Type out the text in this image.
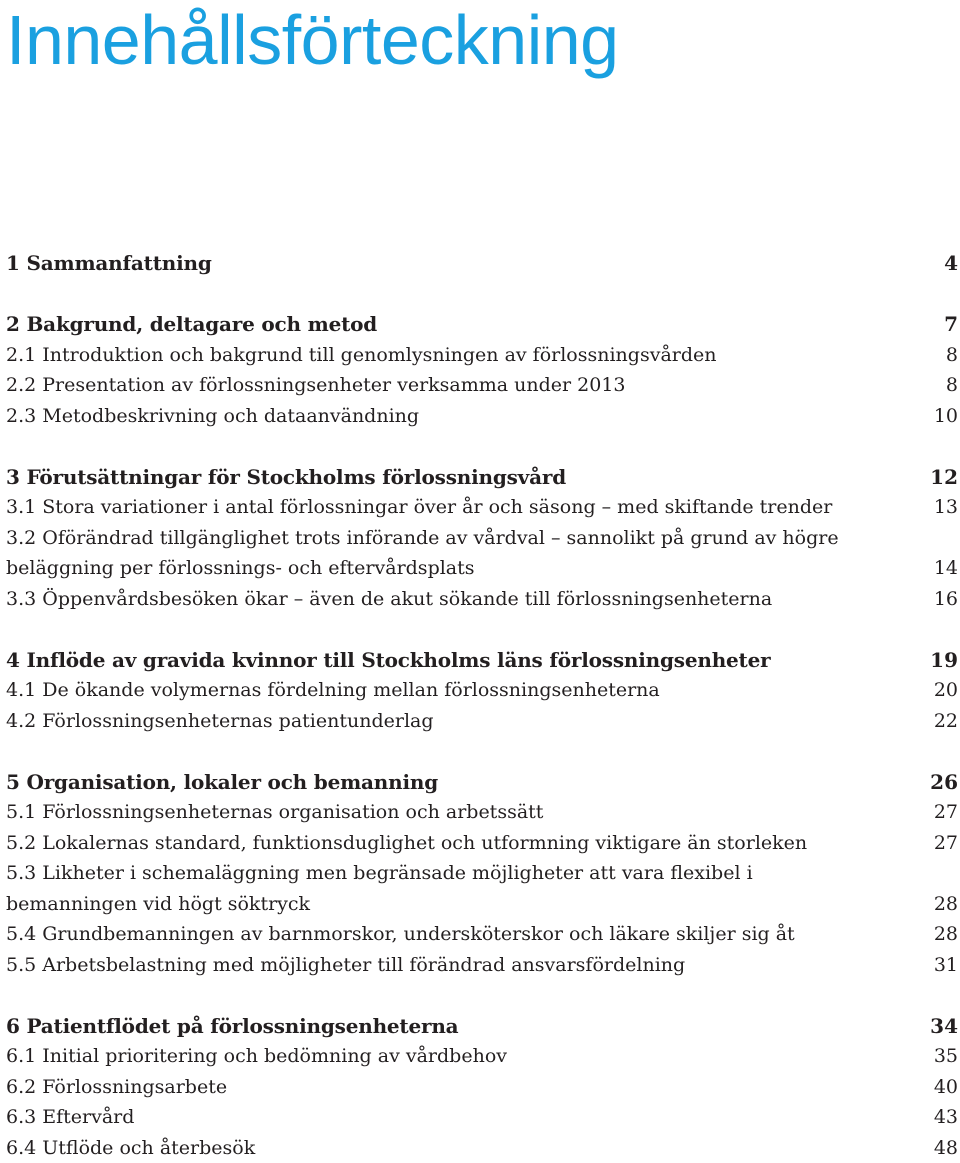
Innehållsförteckning
1 Sammanfattning	4
2 Bakgrund, deltagare och metod	7
2.1 Introduktion och bakgrund till genomlysningen av förlossningsvården	8
2.2 Presentation av förlossningsenheter verksamma under 2013	8
2.3 Metodbeskrivning och dataanvändning	10
3 Förutsättningar för Stockholms förlossningsvård	12
3.1 Stora variationer i antal förlossningar över år och säsong – med skiftande trender	13
3.2 Oförändrad tillgänglighet trots införande av vårdval – sannolikt på grund av högre beläggning per förlossnings- och eftervårdsplats	14
3.3 Öppenvårdsbesöken ökar – även de akut sökande till förlossningsenheterna	16
4 Inflöde av gravida kvinnor till Stockholms läns förlossningsenheter	19
4.1 De ökande volymernas fördelning mellan förlossningsenheterna	20
4.2 Förlossningsenheternas patientunderlag	22
5 Organisation, lokaler och bemanning	26
5.1 Förlossningsenheternas organisation och arbetssätt	27
5.2 Lokalernas standard, funktionsduglighet och utformning viktigare än storleken	27
5.3 Likheter i schemaläggning men begränsade möjligheter att vara flexibel i bemanningen vid högt söktryck	28
5.4 Grundbemanningen av barnmorskor, undersköterskor och läkare skiljer sig åt	28
5.5 Arbetsbelastning med möjligheter till förändrad ansvarsfördelning	31
6 Patientflödet på förlossningsenheterna	34
6.1 Initial prioritering och bedömning av vårdbehov	35
6.2 Förlossningsarbete	40
6.3 Eftervård	43
6.4 Utflöde och återbesök	48
